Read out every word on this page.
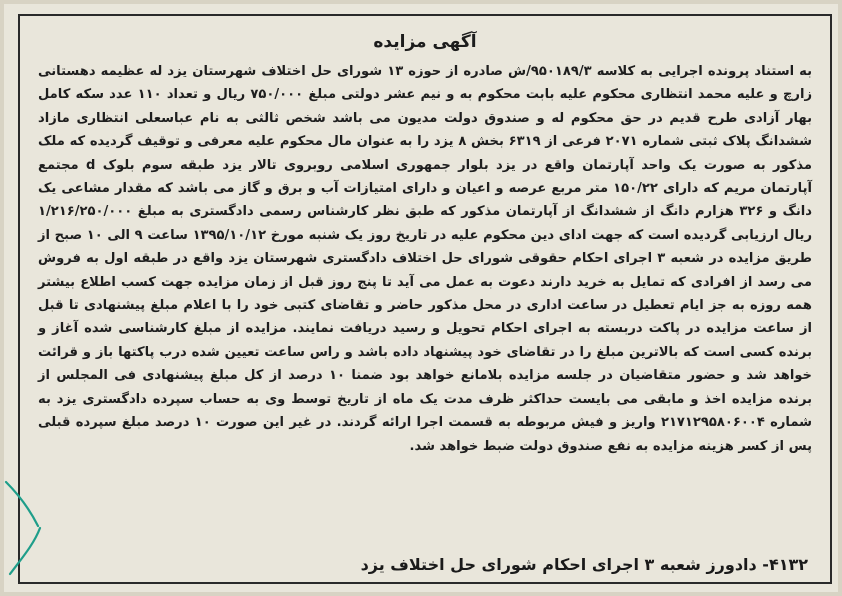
آگهی مزایده
به استناد پرونده اجرایی به کلاسه ۹۵۰۱۸۹/۳/ش صادره از حوزه ۱۳ شورای حل اختلاف شهرستان یزد له عظیمه دهستانی زارچ و علیه محمد انتظاری محکوم علیه بابت محکوم به و نیم عشر دولتی مبلغ ۷۵۰/۰۰۰ ریال و تعداد ۱۱۰ عدد سکه کامل بهار آزادی طرح قدیم در حق محکوم له و صندوق دولت مدیون می باشد شخص ثالثی به نام عباسعلی انتظاری مازاد ششدانگ پلاک ثبتی شماره ۲۰۷۱ فرعی از ۶۳۱۹ بخش ۸ یزد را به عنوان مال محکوم علیه معرفی و توقیف گردیده که ملک مذکور به صورت یک واحد آپارتمان واقع در یزد بلوار جمهوری اسلامی روبروی تالار یزد طبقه سوم بلوک d مجتمع آپارتمان مریم که دارای ۱۵۰/۲۲ متر مربع عرصه و اعیان و دارای امتیازات آب و برق و گاز می باشد که مقدار مشاعی یک دانگ و ۳۲۶ هزارم دانگ از ششدانگ از آپارتمان مذکور که طبق نظر کارشناس رسمی دادگستری به مبلغ ۱/۲۱۶/۲۵۰/۰۰۰ ریال ارزیابی گردیده است که جهت ادای دین محکوم علیه در تاریخ روز یک شنبه مورخ ۱۳۹۵/۱۰/۱۲ ساعت ۹ الی ۱۰ صبح از طریق مزایده در شعبه ۳ اجرای احکام حقوقی شورای حل اختلاف دادگستری شهرستان یزد واقع در طبقه اول به فروش می رسد از افرادی که تمایل به خرید دارند دعوت به عمل می آید تا پنج روز قبل از زمان مزایده جهت کسب اطلاع بیشتر همه روزه به جز ایام تعطیل در ساعت اداری در محل مذکور حاضر و تقاضای کتبی خود را با اعلام مبلغ پیشنهادی تا قبل از ساعت مزایده در پاکت دربسته به اجرای احکام تحویل و رسید دریافت نمایند. مزایده از مبلغ کارشناسی شده آغاز و برنده کسی است که بالاترین مبلغ را در تقاضای خود پیشنهاد داده باشد و راس ساعت تعیین شده درب پاکتها باز و قرائت خواهد شد و حضور متقاضیان در جلسه مزایده بلامانع خواهد بود ضمنا ۱۰ درصد از کل مبلغ پیشنهادی فی المجلس از برنده مزایده اخذ و مابقی می بایست حداکثر ظرف مدت یک ماه از تاریخ توسط وی به حساب سپرده دادگستری یزد به شماره ۲۱۷۱۲۹۵۸۰۶۰۰۴ واریز و فیش مربوطه به قسمت اجرا ارائه گردند. در غیر این صورت ۱۰ درصد مبلغ سپرده قبلی پس از کسر هزینه مزایده به نفع صندوق دولت ضبط خواهد شد.
۴۱۳۲- دادورز شعبه ۳ اجرای احکام شورای حل اختلاف یزد
